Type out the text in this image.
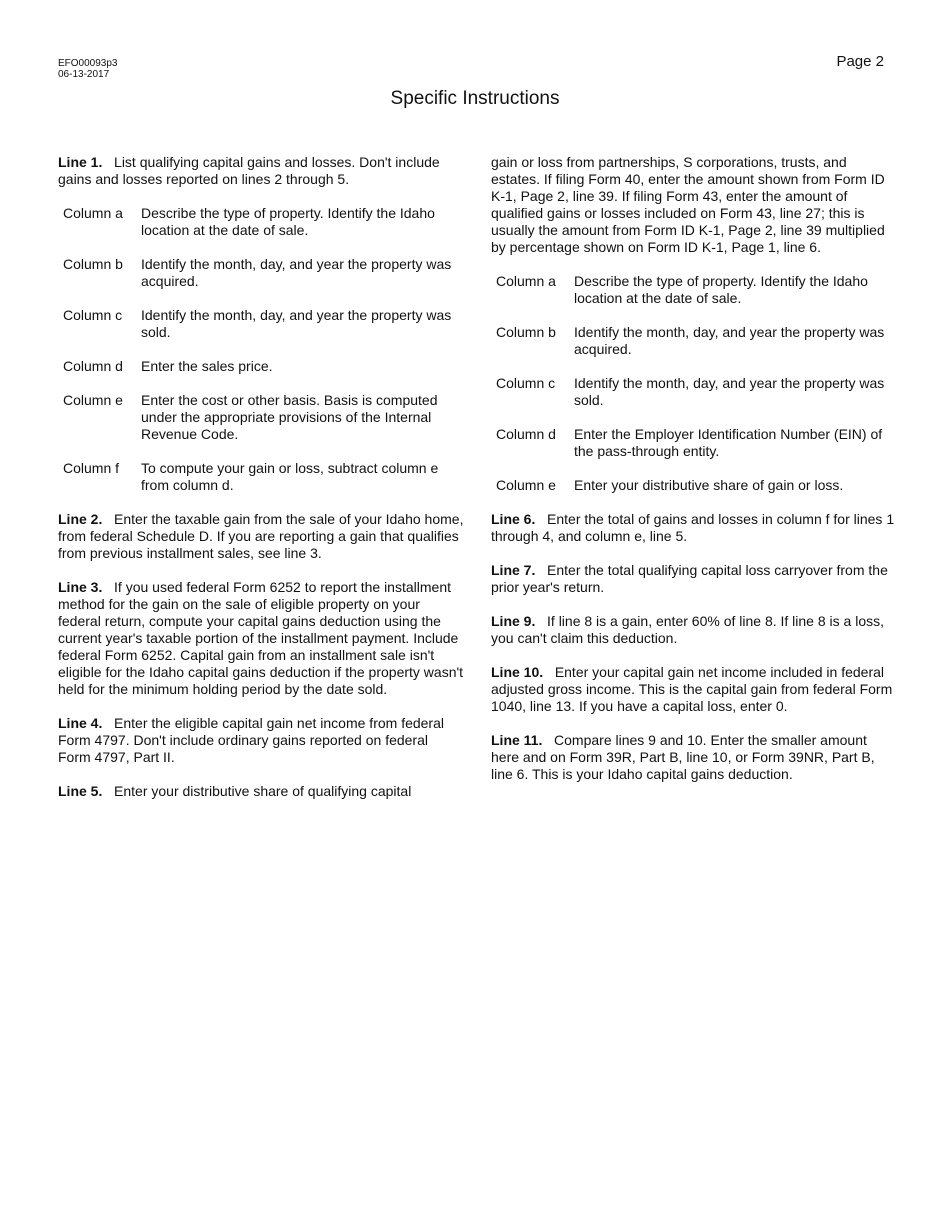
EFO00093p3
06-13-2017
Page 2
Specific Instructions

Line 1. List qualifying capital gains and losses. Don't include gains and losses reported on lines 2 through 5.

Column a	Describe the type of property. Identify the Idaho location at the date of sale.
Column b	Identify the month, day, and year the property was acquired.
Column c	Identify the month, day, and year the property was sold.
Column d	Enter the sales price.
Column e	Enter the cost or other basis. Basis is computed under the appropriate provisions of the Internal Revenue Code.
Column f	To compute your gain or loss, subtract column e from column d.

Line 2. Enter the taxable gain from the sale of your Idaho home, from federal Schedule D. If you are reporting a gain that qualifies from previous installment sales, see line 3.

Line 3. If you used federal Form 6252 to report the installment method for the gain on the sale of eligible property on your federal return, compute your capital gains deduction using the current year's taxable portion of the installment payment. Include federal Form 6252. Capital gain from an installment sale isn't eligible for the Idaho capital gains deduction if the property wasn't held for the minimum holding period by the date sold.

Line 4. Enter the eligible capital gain net income from federal Form 4797. Don't include ordinary gains reported on federal Form 4797, Part II.

Line 5. Enter your distributive share of qualifying capital

gain or loss from partnerships, S corporations, trusts, and estates. If filing Form 40, enter the amount shown from Form ID K-1, Page 2, line 39. If filing Form 43, enter the amount of qualified gains or losses included on Form 43, line 27; this is usually the amount from Form ID K-1, Page 2, line 39 multiplied by percentage shown on Form ID K-1, Page 1, line 6.

Column a	Describe the type of property. Identify the Idaho location at the date of sale.
Column b	Identify the month, day, and year the property was acquired.
Column c	Identify the month, day, and year the property was sold.
Column d	Enter the Employer Identification Number (EIN) of the pass-through entity.
Column e	Enter your distributive share of gain or loss.

Line 6. Enter the total of gains and losses in column f for lines 1 through 4, and column e, line 5.

Line 7. Enter the total qualifying capital loss carryover from the prior year's return.

Line 9. If line 8 is a gain, enter 60% of line 8. If line 8 is a loss, you can't claim this deduction.

Line 10. Enter your capital gain net income included in federal adjusted gross income. This is the capital gain from federal Form 1040, line 13. If you have a capital loss, enter 0.

Line 11. Compare lines 9 and 10. Enter the smaller amount here and on Form 39R, Part B, line 10, or Form 39NR, Part B, line 6. This is your Idaho capital gains deduction.
